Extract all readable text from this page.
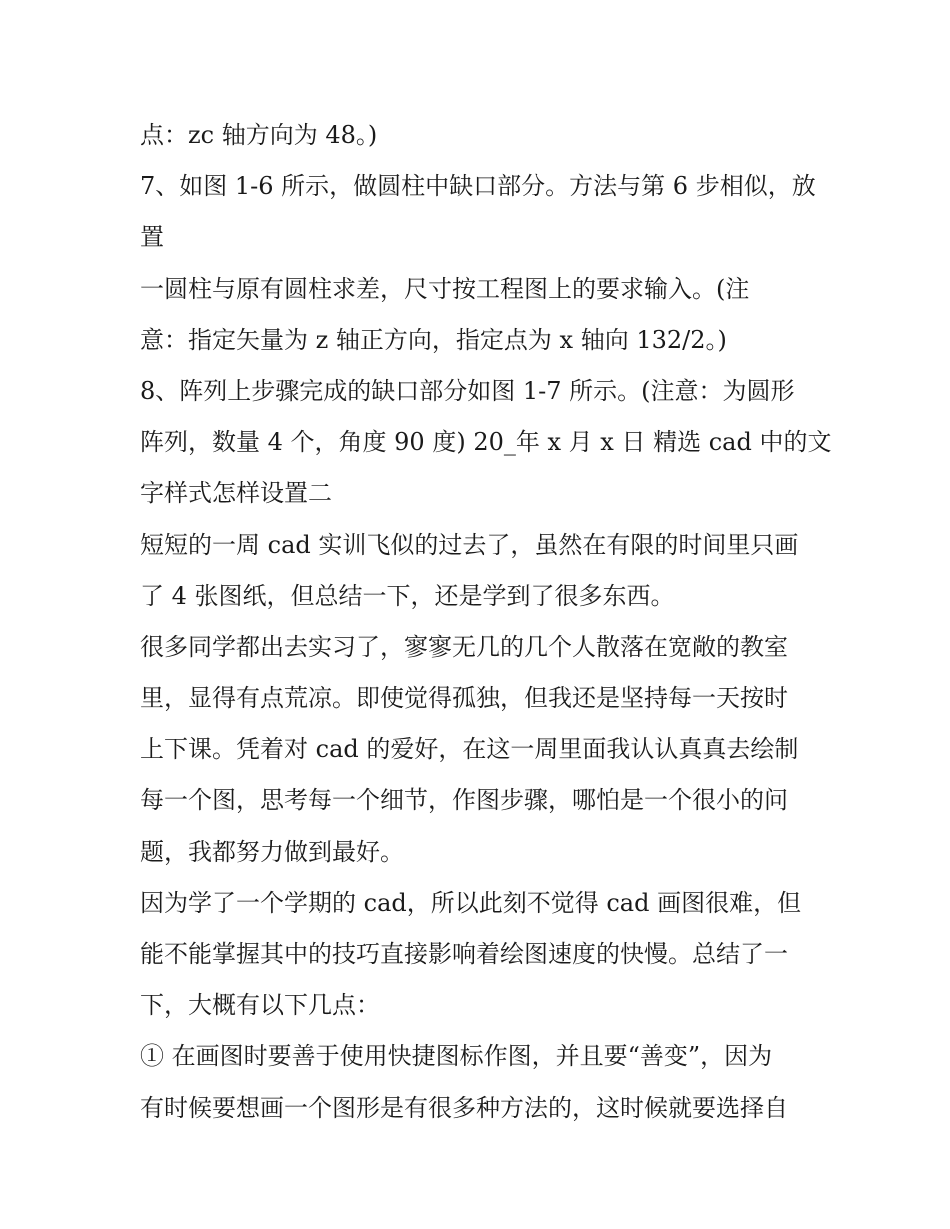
点：zc 轴方向为 48。)
7、如图 1-6 所示，做圆柱中缺口部分。方法与第 6 步相似，放
置
一圆柱与原有圆柱求差，尺寸按工程图上的要求输入。(注
意：指定矢量为 z 轴正方向，指定点为 x 轴向 132/2。)
8、阵列上步骤完成的缺口部分如图 1-7 所示。(注意：为圆形
阵列，数量 4 个，角度 90 度) 20_年 x 月 x 日 精选 cad 中的文
字样式怎样设置二
短短的一周 cad 实训飞似的过去了，虽然在有限的时间里只画
了 4 张图纸，但总结一下，还是学到了很多东西。
很多同学都出去实习了，寥寥无几的几个人散落在宽敞的教室
里，显得有点荒凉。即使觉得孤独，但我还是坚持每一天按时
上下课。凭着对 cad 的爱好，在这一周里面我认认真真去绘制
每一个图，思考每一个细节，作图步骤，哪怕是一个很小的问
题，我都努力做到最好。
因为学了一个学期的 cad，所以此刻不觉得 cad 画图很难，但
能不能掌握其中的技巧直接影响着绘图速度的快慢。总结了一
下，大概有以下几点：
① 在画图时要善于使用快捷图标作图，并且要“善变”，因为
有时候要想画一个图形是有很多种方法的，这时候就要选择自
